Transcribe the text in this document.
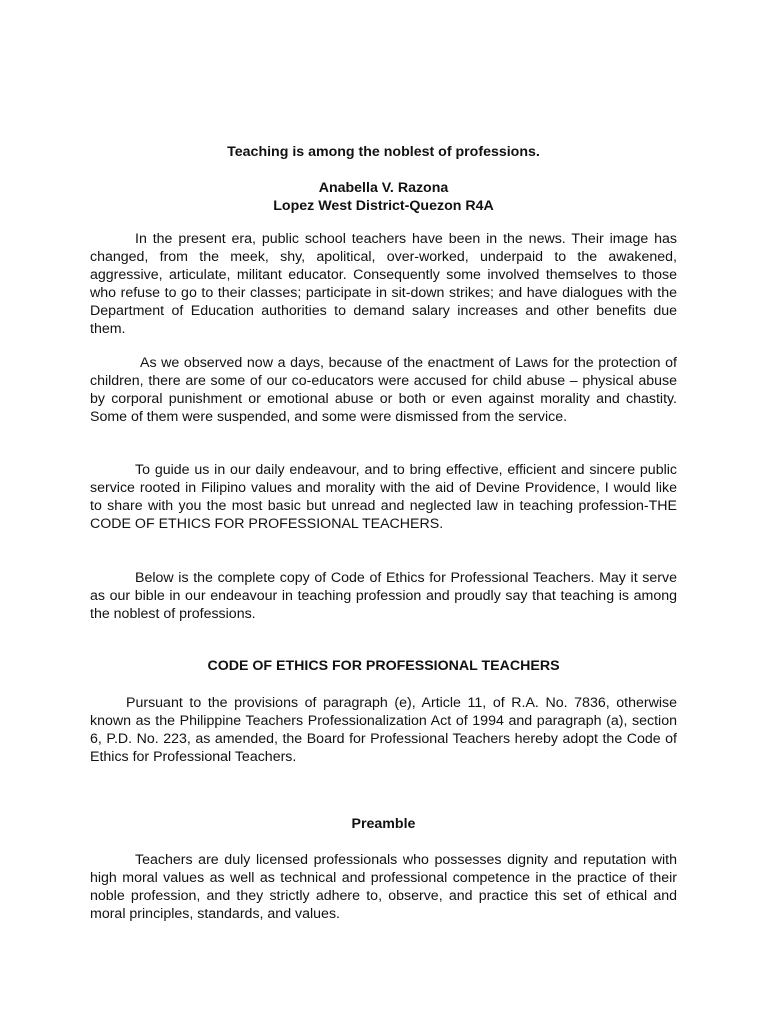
Teaching is among the noblest of professions.

Anabella V. Razona

Lopez West District-Quezon R4A

In the present era, public school teachers have been in the news. Their image has changed, from the meek, shy, apolitical, over-worked, underpaid to the awakened, aggressive, articulate, militant educator. Consequently some involved themselves to those who refuse to go to their classes; participate in sit-down strikes; and have dialogues with the Department of Education authorities to demand salary increases and other benefits due them.

As we observed now a days, because of the enactment of Laws for the protection of children, there are some of our co-educators were accused for child abuse – physical abuse by corporal punishment or emotional abuse or both or even against morality and chastity. Some of them were suspended, and some were dismissed from the service.

To guide us in our daily endeavour, and to bring effective, efficient and sincere public service rooted in Filipino values and morality with the aid of Devine Providence, I would like to share with you the most basic but unread and neglected law in teaching profession-THE CODE OF ETHICS FOR PROFESSIONAL TEACHERS.

Below is the complete copy of Code of Ethics for Professional Teachers. May it serve as our bible in our endeavour in teaching profession and proudly say that teaching is among the noblest of professions.

CODE OF ETHICS FOR PROFESSIONAL TEACHERS

Pursuant to the provisions of paragraph (e), Article 11, of R.A. No. 7836, otherwise known as the Philippine Teachers Professionalization Act of 1994 and paragraph (a), section 6, P.D. No. 223, as amended, the Board for Professional Teachers hereby adopt the Code of Ethics for Professional Teachers.

Preamble

Teachers are duly licensed professionals who possesses dignity and reputation with high moral values as well as technical and professional competence in the practice of their noble profession, and they strictly adhere to, observe, and practice this set of ethical and moral principles, standards, and values.
